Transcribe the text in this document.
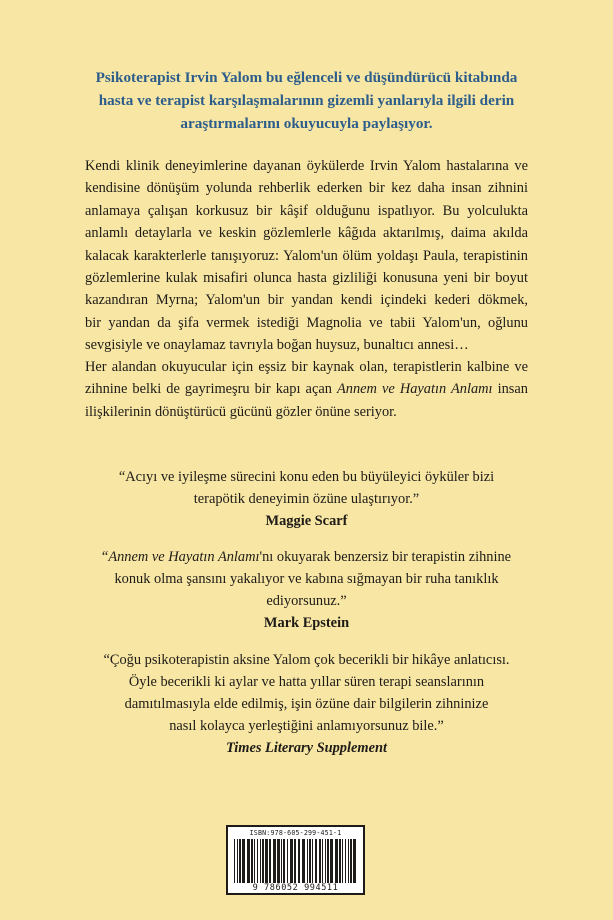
Psikoterapist Irvin Yalom bu eğlenceli ve düşündürücü kitabında
hasta ve terapist karşılaşmalarının gizemli yanlarıyla ilgili derin
araştırmalarını okuyucuyla paylaşıyor.
Kendi klinik deneyimlerine dayanan öykülerde Irvin Yalom hastalarına ve
kendisine dönüşüm yolunda rehberlik ederken bir kez daha insan zihnini
anlamaya çalışan korkusuz bir kâşif olduğunu ispatlıyor. Bu yolculukta
anlamlı detaylarla ve keskin gözlemlerle kâğıda aktarılmış, daima akılda
kalacak karakterlerle tanışıyoruz: Yalom'un ölüm yoldaşı Paula, terapistinin
gözlemlerine kulak misafiri olunca hasta gizliliği konusuna yeni bir boyut
kazandıran Myrna; Yalom'un bir yandan kendi içindeki kederi dökmek,
bir yandan da şifa vermek istediği Magnolia ve tabii Yalom'un, oğlunu
sevgisiyle ve onaylamaz tavrıyla boğan huysuz, bunaltıcı annesi…
Her alandan okuyucular için eşsiz bir kaynak olan, terapistlerin kalbine ve
zihnine belki de gayrimeşru bir kapı açan Annem ve Hayatın Anlamı insan
ilişkilerinin dönüştürücü gücünü gözler önüne seriyor.
“Acıyı ve iyileşme sürecini konu eden bu büyüleyici öyküler bizi
terapötik deneyimin özüne ulaştırıyor.”
Maggie Scarf
“Annem ve Hayatın Anlamı'nı okuyarak benzersiz bir terapistin zihnine
konuk olma şansını yakalıyor ve kabına sığmayan bir ruha tanıklık
ediyorsunuz.”
Mark Epstein
“Çoğu psikoterapistin aksine Yalom çok becerikli bir hikâye anlatıcısı.
Öyle becerikli ki aylar ve hatta yıllar süren terapi seanslarının
damıtılmasıyla elde edilmiş, işin özüne dair bilgilerin zihninize
nasıl kolayca yerleştiğini anlamıyorsunuz bile.”
Times Literary Supplement
ISBN:978-605-299-451-1
9 786052 994511
